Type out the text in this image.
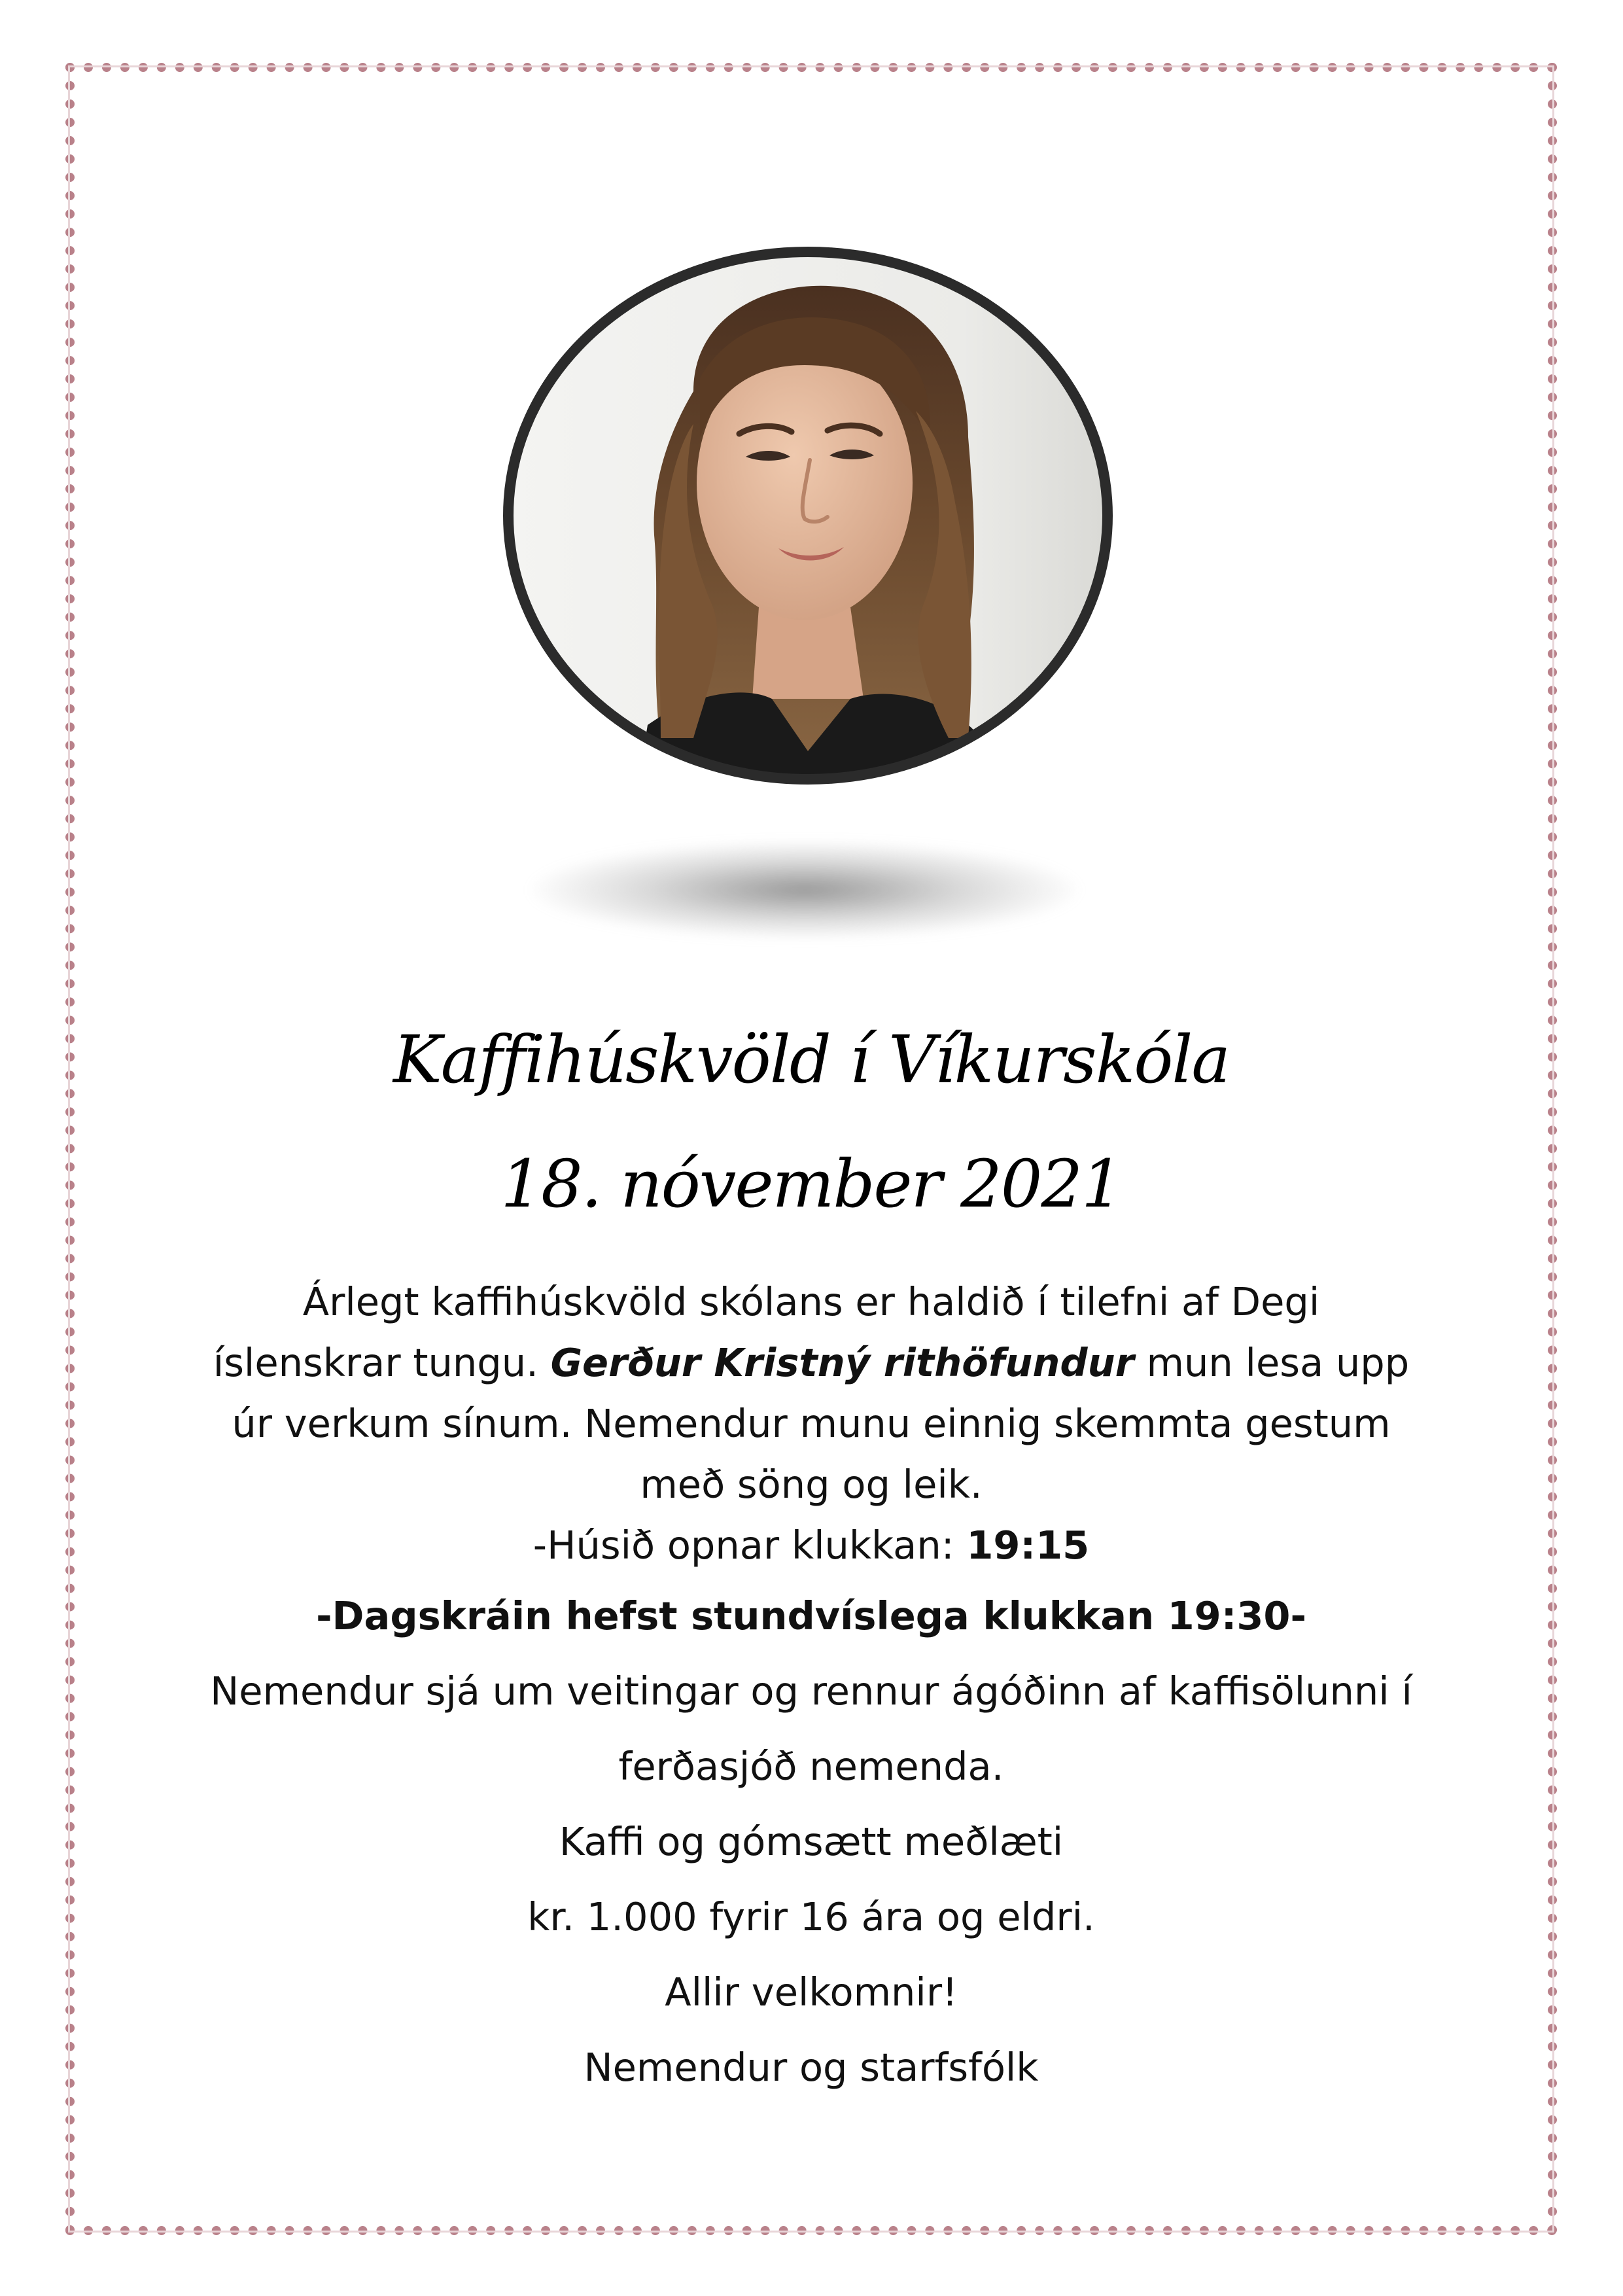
Kaffihúskvöld í Víkurskóla
18. nóvember 2021
Árlegt kaffihúskvöld skólans er haldið í tilefni af Degi
íslenskrar tungu. Gerður Kristný rithöfundur mun lesa upp
úr verkum sínum. Nemendur munu einnig skemmta gestum
með söng og leik.
-Húsið opnar klukkan: 19:15
-Dagskráin hefst stundvíslega klukkan 19:30-
Nemendur sjá um veitingar og rennur ágóðinn af kaffisölunni í
ferðasjóð nemenda.
Kaffi og gómsætt meðlæti
kr. 1.000 fyrir 16 ára og eldri.
Allir velkomnir!
Nemendur og starfsfólk
